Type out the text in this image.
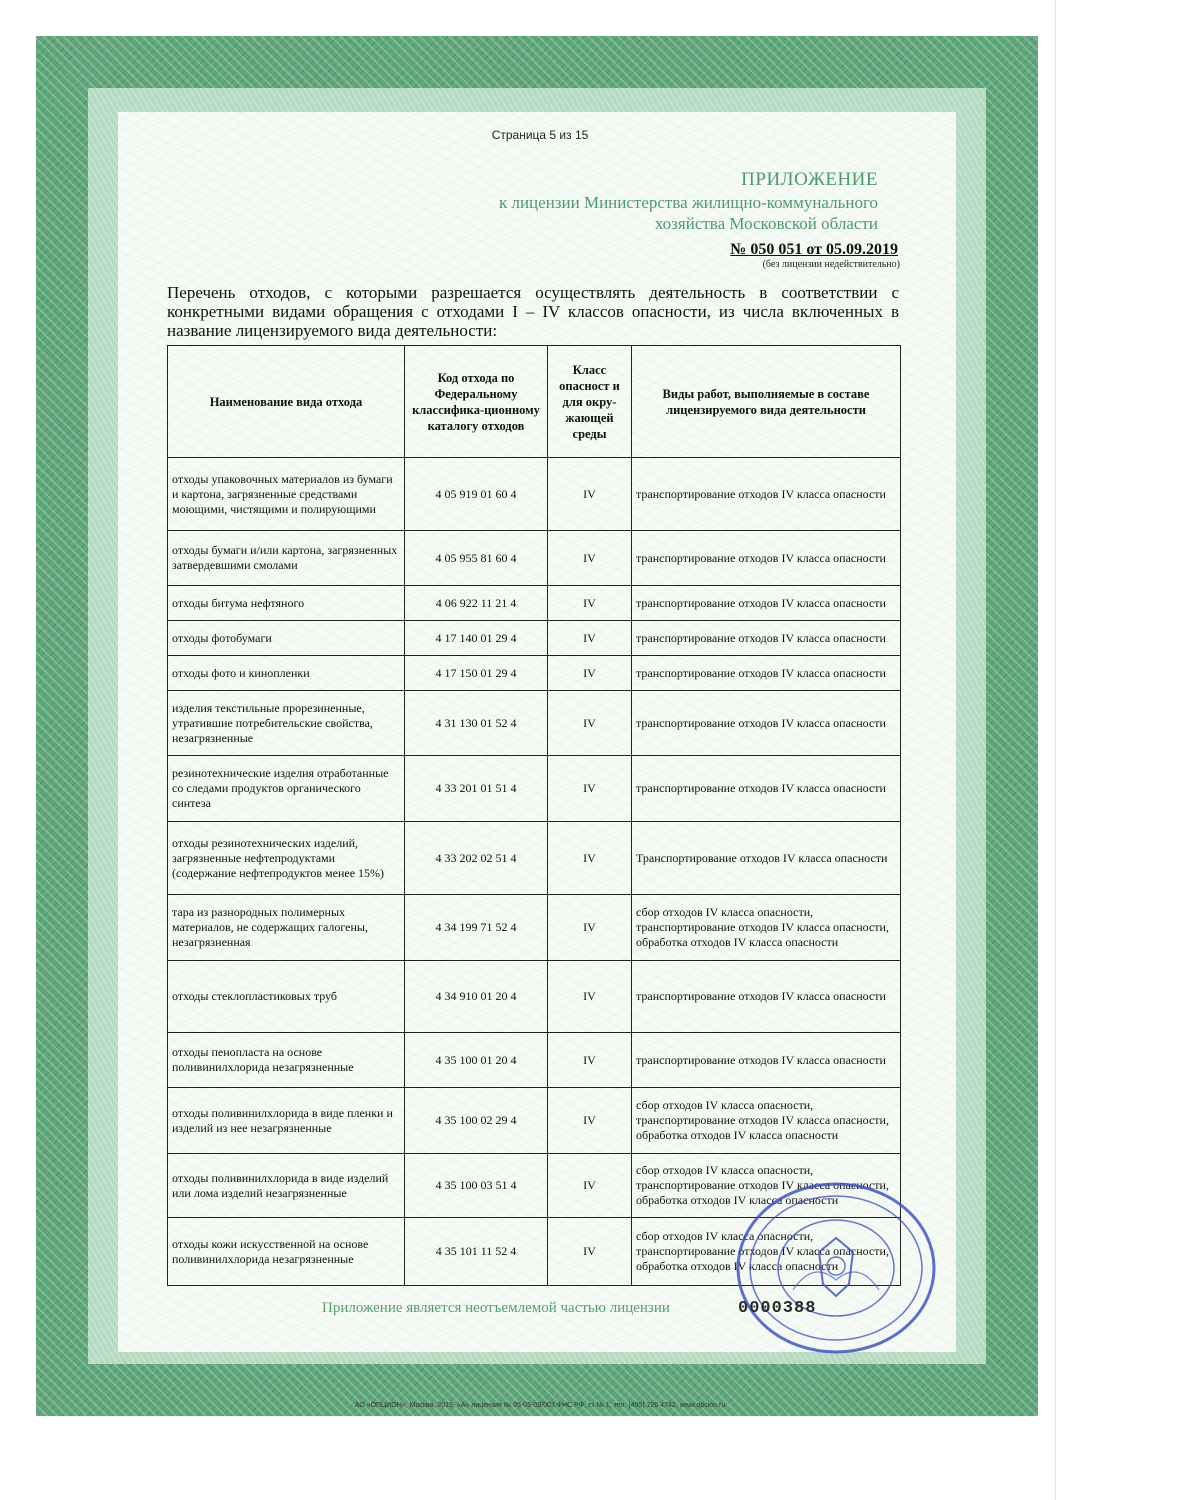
Страница 5 из 15
ПРИЛОЖЕНИЕ
к лицензии Министерства жилищно-коммунального
хозяйства Московской области
№ 050 051 от 05.09.2019
(без лицензии недействительно)
Перечень отходов, с которыми разрешается осуществлять деятельность в соответствии с конкретными видами обращения с отходами I – IV классов опасности, из числа включенных в название лицензируемого вида деятельности:
Наименование вида отхода	Код отхода по Федеральному классифика-ционному каталогу отходов	Класс опасност и для окру-жающей среды	Виды работ, выполняемые в составе лицензируемого вида деятельности
отходы упаковочных материалов из бумаги и картона, загрязненные средствами моющими, чистящими и полирующими	4 05 919 01 60 4	IV	транспортирование отходов IV класса опасности
отходы бумаги и/или картона, загрязненных затвердевшими смолами	4 05 955 81 60 4	IV	транспортирование отходов IV класса опасности
отходы битума нефтяного	4 06 922 11 21 4	IV	транспортирование отходов IV класса опасности
отходы фотобумаги	4 17 140 01 29 4	IV	транспортирование отходов IV класса опасности
отходы фото и кинопленки	4 17 150 01 29 4	IV	транспортирование отходов IV класса опасности
изделия текстильные прорезиненные, утратившие потребительские свойства, незагрязненные	4 31 130 01 52 4	IV	транспортирование отходов IV класса опасности
резинотехнические изделия отработанные со следами продуктов органического синтеза	4 33 201 01 51 4	IV	транспортирование отходов IV класса опасности
отходы резинотехнических изделий, загрязненные нефтепродуктами (содержание нефтепродуктов менее 15%)	4 33 202 02 51 4	IV	Транспортирование отходов IV класса опасности
тара из разнородных полимерных материалов, не содержащих галогены, незагрязненная	4 34 199 71 52 4	IV	сбор отходов IV класса опасности, транспортирование отходов IV класса опасности, обработка отходов IV класса опасности
отходы стеклопластиковых труб	4 34 910 01 20 4	IV	транспортирование отходов IV класса опасности
отходы пенопласта на основе поливинилхлорида незагрязненные	4 35 100 01 20 4	IV	транспортирование отходов IV класса опасности
отходы поливинилхлорида в виде пленки и изделий из нее незагрязненные	4 35 100 02 29 4	IV	сбор отходов IV класса опасности, транспортирование отходов IV класса опасности, обработка отходов IV класса опасности
отходы поливинилхлорида в виде изделий или лома изделий незагрязненные	4 35 100 03 51 4	IV	сбор отходов IV класса опасности, транспортирование отходов IV класса опасности, обработка отходов IV класса опасности
отходы кожи искусственной на основе поливинилхлорида незагрязненные	4 35 101 11 52 4	IV	сбор отходов IV класса опасности, транспортирование отходов IV класса опасности, обработка отходов IV класса опасности
Приложение является неотъемлемой частью лицензии
АО «ОПЦИОН», Москва, 2019, «А» лицензия № 05-05-09/003 ФНС РФ, тз № 1, тел. (495) 726 4742, www.opcion.ru
0000388
